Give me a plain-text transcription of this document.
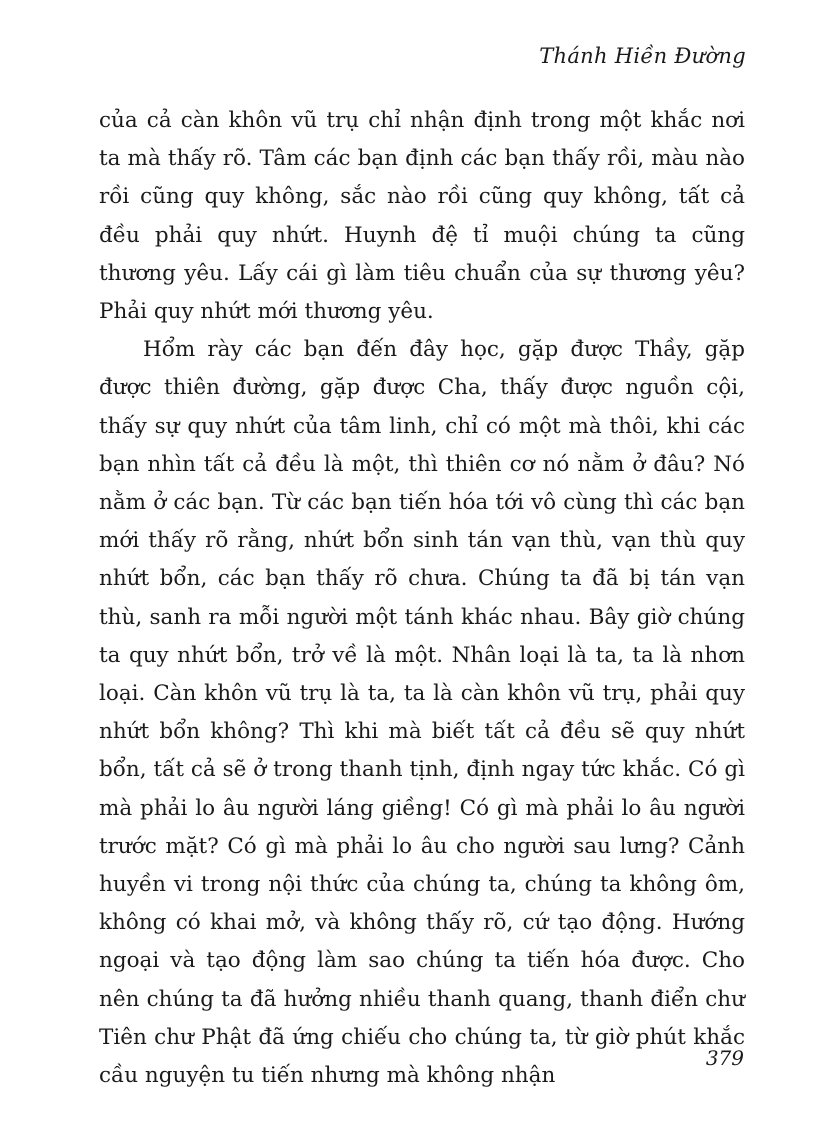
Thánh Hiền Đường

của cả càn khôn vũ trụ chỉ nhận định trong một khắc nơi ta mà thấy rõ. Tâm các bạn định các bạn thấy rồi, màu nào rồi cũng quy không, sắc nào rồi cũng quy không, tất cả đều phải quy nhứt. Huynh đệ tỉ muội chúng ta cũng thương yêu. Lấy cái gì làm tiêu chuẩn của sự thương yêu? Phải quy nhứt mới thương yêu.

Hổm rày các bạn đến đây học, gặp được Thầy, gặp được thiên đường, gặp được Cha, thấy được nguồn cội, thấy sự quy nhứt của tâm linh, chỉ có một mà thôi, khi các bạn nhìn tất cả đều là một, thì thiên cơ nó nằm ở đâu? Nó nằm ở các bạn. Từ các bạn tiến hóa tới vô cùng thì các bạn mới thấy rõ rằng, nhứt bổn sinh tán vạn thù, vạn thù quy nhứt bổn, các bạn thấy rõ chưa. Chúng ta đã bị tán vạn thù, sanh ra mỗi người một tánh khác nhau. Bây giờ chúng ta quy nhứt bổn, trở về là một. Nhân loại là ta, ta là nhơn loại. Càn khôn vũ trụ là ta, ta là càn khôn vũ trụ, phải quy nhứt bổn không? Thì khi mà biết tất cả đều sẽ quy nhứt bổn, tất cả sẽ ở trong thanh tịnh, định ngay tức khắc. Có gì mà phải lo âu người láng giềng! Có gì mà phải lo âu người trước mặt? Có gì mà phải lo âu cho người sau lưng? Cảnh huyền vi trong nội thức của chúng ta, chúng ta không ôm, không có khai mở, và không thấy rõ, cứ tạo động. Hướng ngoại và tạo động làm sao chúng ta tiến hóa được. Cho nên chúng ta đã hưởng nhiều thanh quang, thanh điển chư Tiên chư Phật đã ứng chiếu cho chúng ta, từ giờ phút khắc cầu nguyện tu tiến nhưng mà không nhận

379
